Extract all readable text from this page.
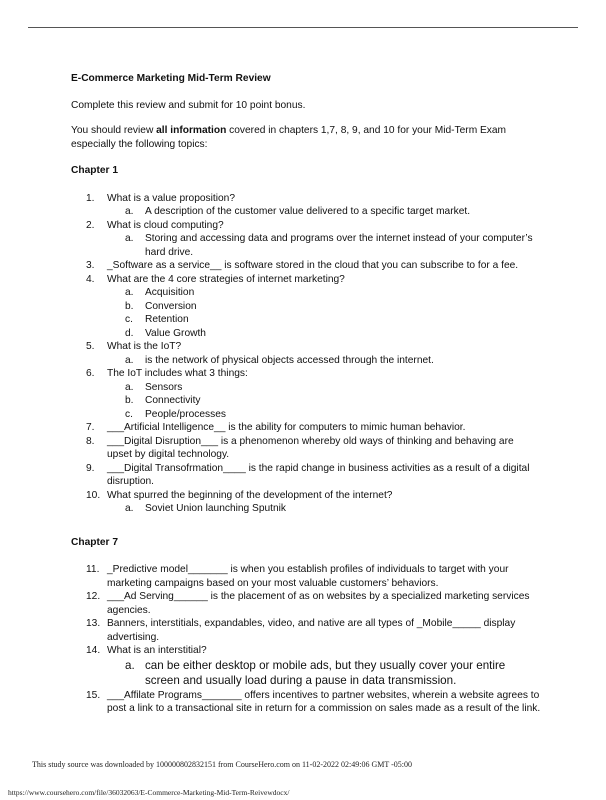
E-Commerce Marketing Mid-Term Review
Complete this review and submit for 10 point bonus.
You should review all information covered in chapters 1,7, 8, 9, and 10 for your Mid-Term Exam especially the following topics:
Chapter 1
1.	What is a value proposition?
a. A description of the customer value delivered to a specific target market.
2.	What is cloud computing?
a. Storing and accessing data and programs over the internet instead of your computer’s hard drive.
3.	_Software as a service__ is software stored in the cloud that you can subscribe to for a fee.
4.	What are the 4 core strategies of internet marketing?
a. Acquisition
b. Conversion
c. Retention
d. Value Growth
5.	What is the IoT?
a. is the network of physical objects accessed through the internet.
6.	The IoT includes what 3 things:
a. Sensors
b. Connectivity
c. People/processes
7.	___Artificial Intelligence__ is the ability for computers to mimic human behavior.
8.	___Digital Disruption___ is a phenomenon whereby old ways of thinking and behaving are upset by digital technology.
9.	___Digital Transofrmation____ is the rapid change in business activities as a result of a digital disruption.
10. What spurred the beginning of the development of the internet?
a. Soviet Union launching Sputnik
Chapter 7
11. _Predictive model_______ is when you establish profiles of individuals to target with your marketing campaigns based on your most valuable customers’ behaviors.
12. ___Ad Serving______ is the placement of as on websites by a specialized marketing services agencies.
13. Banners, interstitials, expandables, video, and native are all types of _Mobile_____ display advertising.
14. What is an interstitial?
a. can be either desktop or mobile ads, but they usually cover your entire screen and usually load during a pause in data transmission.
15. ___Affilate Programs_______ offers incentives to partner websites, wherein a website agrees to post a link to a transactional site in return for a commission on sales made as a result of the link.
This study source was downloaded by 100000802832151 from CourseHero.com on 11-02-2022 02:49:06 GMT -05:00
https://www.coursehero.com/file/36032063/E-Commerce-Marketing-Mid-Term-Reivewdocx/
